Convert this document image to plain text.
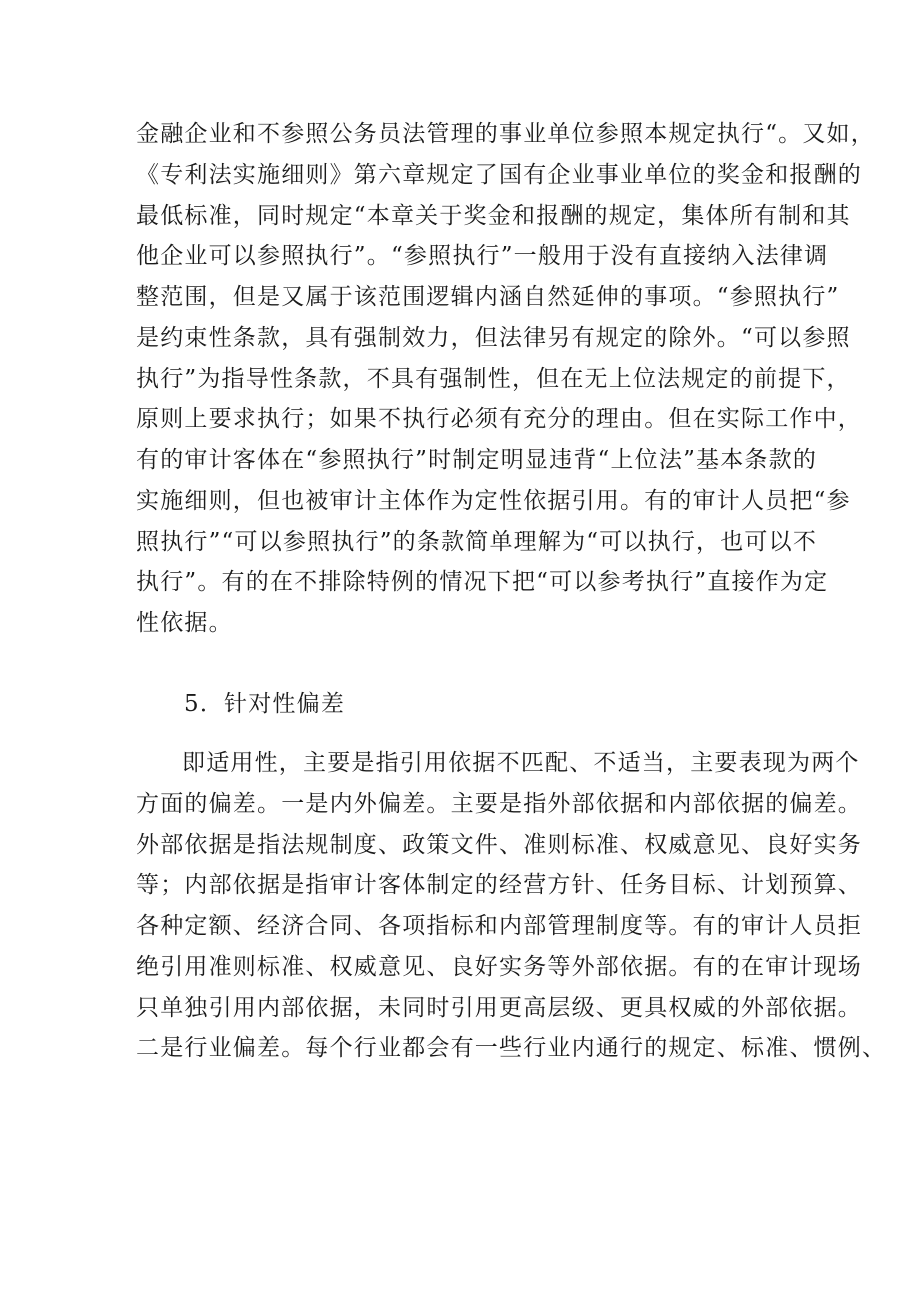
金融企业和不参照公务员法管理的事业单位参照本规定执行“。又如，
《专利法实施细则》第六章规定了国有企业事业单位的奖金和报酬的
最低标准，同时规定“本章关于奖金和报酬的规定，集体所有制和其
他企业可以参照执行”。“参照执行”一般用于没有直接纳入法律调
整范围，但是又属于该范围逻辑内涵自然延伸的事项。“参照执行”
是约束性条款，具有强制效力，但法律另有规定的除外。“可以参照
执行”为指导性条款，不具有强制性，但在无上位法规定的前提下，
原则上要求执行；如果不执行必须有充分的理由。但在实际工作中，
有的审计客体在“参照执行”时制定明显违背“上位法”基本条款的
实施细则，但也被审计主体作为定性依据引用。有的审计人员把“参
照执行”“可以参照执行”的条款简单理解为“可以执行，也可以不
执行”。有的在不排除特例的情况下把“可以参考执行”直接作为定
性依据。
5．针对性偏差
即适用性，主要是指引用依据不匹配、不适当，主要表现为两个
方面的偏差。一是内外偏差。主要是指外部依据和内部依据的偏差。
外部依据是指法规制度、政策文件、准则标准、权威意见、良好实务
等；内部依据是指审计客体制定的经营方针、任务目标、计划预算、
各种定额、经济合同、各项指标和内部管理制度等。有的审计人员拒
绝引用准则标准、权威意见、良好实务等外部依据。有的在审计现场
只单独引用内部依据，未同时引用更高层级、更具权威的外部依据。
二是行业偏差。每个行业都会有一些行业内通行的规定、标准、惯例、
